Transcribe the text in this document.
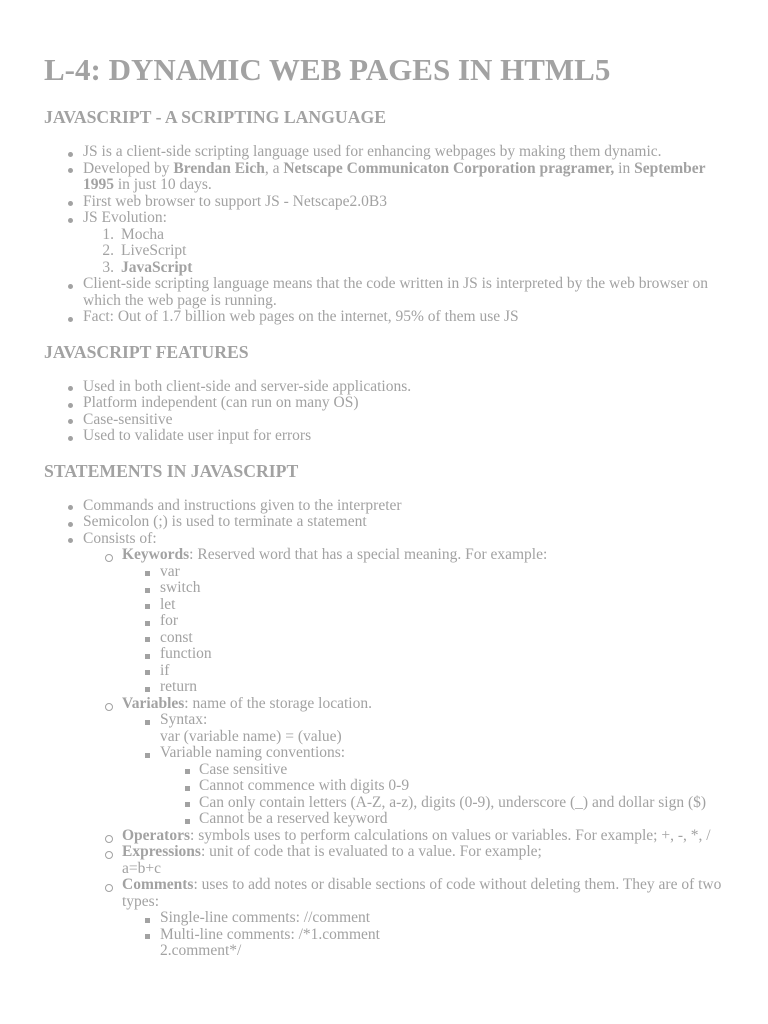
L-4: DYNAMIC WEB PAGES IN HTML5
JAVASCRIPT - A SCRIPTING LANGUAGE
JS is a client-side scripting language used for enhancing webpages by making them dynamic.
Developed by Brendan Eich, a Netscape Communicaton Corporation pragramer, in September 1995 in just 10 days.
First web browser to support JS - Netscape2.0B3
JS Evolution:
1. Mocha
2. LiveScript
3. JavaScript
Client-side scripting language means that the code written in JS is interpreted by the web browser on which the web page is running.
Fact: Out of 1.7 billion web pages on the internet, 95% of them use JS
JAVASCRIPT FEATURES
Used in both client-side and server-side applications.
Platform independent (can run on many OS)
Case-sensitive
Used to validate user input for errors
STATEMENTS IN JAVASCRIPT
Commands and instructions given to the interpreter
Semicolon (;) is used to terminate a statement
Consists of:
Keywords: Reserved word that has a special meaning. For example:
var
switch
let
for
const
function
if
return
Variables: name of the storage location.
Syntax:
var (variable name) = (value)
Variable naming conventions:
Case sensitive
Cannot commence with digits 0-9
Can only contain letters (A-Z, a-z), digits (0-9), underscore (_) and dollar sign ($)
Cannot be a reserved keyword
Operators: symbols uses to perform calculations on values or variables. For example; +, -, *, /
Expressions: unit of code that is evaluated to a value. For example;
a=b+c
Comments: uses to add notes or disable sections of code without deleting them. They are of two types:
Single-line comments: //comment
Multi-line comments: /*1.comment
2.comment*/
